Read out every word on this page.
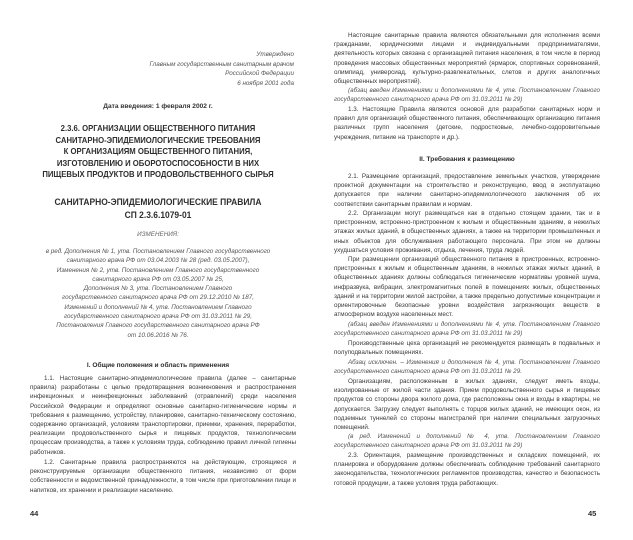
Утверждено
Главным государственным санитарным врачом
Российской Федерации
6 ноября 2001 года
Дата введения: 1 февраля 2002 г.
2.3.6. ОРГАНИЗАЦИИ ОБЩЕСТВЕННОГО ПИТАНИЯ
САНИТАРНО-ЭПИДЕМИОЛОГИЧЕСКИЕ ТРЕБОВАНИЯ
К ОРГАНИЗАЦИЯМ ОБЩЕСТВЕННОГО ПИТАНИЯ,
ИЗГОТОВЛЕНИЮ И ОБОРОТОСПОСОБНОСТИ В НИХ
ПИЩЕВЫХ ПРОДУКТОВ И ПРОДОВОЛЬСТВЕННОГО СЫРЬЯ
САНИТАРНО-ЭПИДЕМИОЛОГИЧЕСКИЕ ПРАВИЛА
СП 2.3.6.1079-01
ИЗМЕНЕНИЯ:
в ред. Дополнения № 1, утв. Постановлением Главного государственного
санитарного врача РФ от 03.04.2003 № 28 (ред. 03.05.2007),
Изменения № 2, утв. Постановлением Главного государственного
санитарного врача РФ от 03.05.2007 № 25,
Дополнения № 3, утв. Постановлением Главного
государственного санитарного врача РФ от 29.12.2010 № 187,
Изменений и дополнений № 4, утв. Постановлением Главного
государственного санитарного врача РФ от 31.03.2011 № 29,
Постановления Главного государственного санитарного врача РФ
от 10.06.2016 № 76.
I. Общие положения и область применения
1.1. Настоящие санитарно-эпидемиологические правила (далее – санитарные правила) разработаны с целью предотвращения возникновения и распространения инфекционных и неинфекционных заболеваний (отравлений) среди населения Российской Федерации и определяют основные санитарно-гигиенические нормы и требования к размещению, устройству, планировке, санитарно-техническому состоянию, содержанию организаций, условиям транспортировки, приемки, хранения, переработки, реализации продовольственного сырья и пищевых продуктов, технологическим процессам производства, а также к условиям труда, соблюдению правил личной гигиены работников.
1.2. Санитарные правила распространяются на действующие, строящиеся и реконструируемые организации общественного питания, независимо от форм собственности и ведомственной принадлежности, в том числе при приготовлении пищи и напитков, их хранении и реализации населению.
44
Настоящие санитарные правила являются обязательными для исполнения всеми гражданами, юридическими лицами и индивидуальными предпринимателями, деятельность которых связана с организацией питания населения, в том числе в период проведения массовых общественных мероприятий (ярмарок, спортивных соревнований, олимпиад, универсиад, культурно-развлекательных, слетов и других аналогичных общественных мероприятий).
(абзац введен Изменениями и дополнениями № 4, утв. Постановлением Главного государственного санитарного врача РФ от 31.03.2011 № 29)
1.3. Настоящие Правила являются основой для разработки санитарных норм и правил для организаций общественного питания, обеспечивающих организацию питания различных групп населения (детские, подростковые, лечебно-оздоровительные учреждения, питание на транспорте и др.).
II. Требования к размещению
2.1. Размещение организаций, предоставление земельных участков, утверждение проектной документации на строительство и реконструкцию, ввод в эксплуатацию допускается при наличии санитарно-эпидемиологического заключения об их соответствии санитарным правилам и нормам.
2.2. Организации могут размещаться как в отдельно стоящем здании, так и в пристроенном, встроенно-пристроенном к жилым и общественным зданиям, в нежилых этажах жилых зданий, в общественных зданиях, а также на территории промышленных и иных объектов для обслуживания работающего персонала. При этом не должны ухудшаться условия проживания, отдыха, лечения, труда людей.
При размещении организаций общественного питания в пристроенных, встроенно-пристроенных к жилым и общественным зданиям, в нежилых этажах жилых зданий, в общественных зданиях должны соблюдаться гигиенические нормативы уровней шума, инфразвука, вибрации, электромагнитных полей в помещениях жилых, общественных зданий и на территории жилой застройки, а также предельно допустимые концентрации и ориентировочные безопасные уровни воздействия загрязняющих веществ в атмосферном воздухе населенных мест.
(абзац введен Изменениями и дополнениями № 4, утв. Постановлением Главного государственного санитарного врача РФ от 31.03.2011 № 29)
Производственные цеха организаций не рекомендуется размещать в подвальных и полуподвальных помещениях.
Абзац исключен. – Изменения и дополнения № 4, утв. Постановлением Главного государственного санитарного врача РФ от 31.03.2011 № 29.
Организациям, расположенным в жилых зданиях, следует иметь входы, изолированные от жилой части здания. Прием продовольственного сырья и пищевых продуктов со стороны двора жилого дома, где расположены окна и входы в квартиры, не допускается. Загрузку следует выполнять с торцов жилых зданий, не имеющих окон, из подземных туннелей со стороны магистралей при наличии специальных загрузочных помещений.
(в ред. Изменений и дополнений № 4, утв. Постановлением Главного государственного санитарного врача РФ от 31.03.2011 № 29)
2.3. Ориентация, размещение производственных и складских помещений, их планировка и оборудование должны обеспечивать соблюдение требований санитарного законодательства, технологических регламентов производства, качество и безопасность готовой продукции, а также условия труда работающих.
45
